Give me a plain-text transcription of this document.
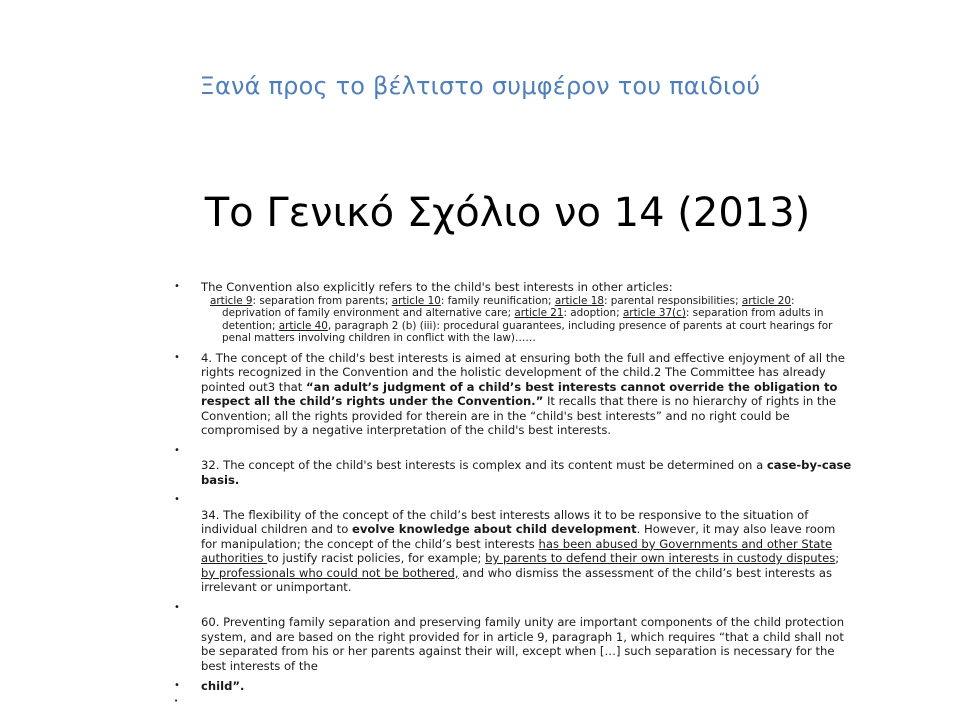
Ξανά προς το βέλτιστο συμφέρον του παιδιού
Το Γενικό Σχόλιο νο 14 (2013)
• The Convention also explicitly refers to the child's best interests in other articles:
article 9: separation from parents; article 10: family reunification; article 18: parental responsibilities; article 20: deprivation of family environment and alternative care; article 21: adoption; article 37(c): separation from adults in detention; article 40, paragraph 2 (b) (iii): procedural guarantees, including presence of parents at court hearings for penal matters involving children in conflict with the law)……
• 4. The concept of the child's best interests is aimed at ensuring both the full and effective enjoyment of all the rights recognized in the Convention and the holistic development of the child.2 The Committee has already pointed out3 that “an adult’s judgment of a child’s best interests cannot override the obligation to respect all the child’s rights under the Convention.” It recalls that there is no hierarchy of rights in the Convention; all the rights provided for therein are in the “child's best interests” and no right could be compromised by a negative interpretation of the child's best interests.
•

32. The concept of the child's best interests is complex and its content must be determined on a case-by-case basis.
•

34. The flexibility of the concept of the child’s best interests allows it to be responsive to the situation of individual children and to evolve knowledge about child development. However, it may also leave room for manipulation; the concept of the child’s best interests has been abused by Governments and other State authorities to justify racist policies, for example; by parents to defend their own interests in custody disputes; by professionals who could not be bothered, and who dismiss the assessment of the child’s best interests as irrelevant or unimportant.
•

60. Preventing family separation and preserving family unity are important components of the child protection system, and are based on the right provided for in article 9, paragraph 1, which requires “that a child shall not be separated from his or her parents against their will, except when […] such separation is necessary for the best interests of the
• child”.
•
